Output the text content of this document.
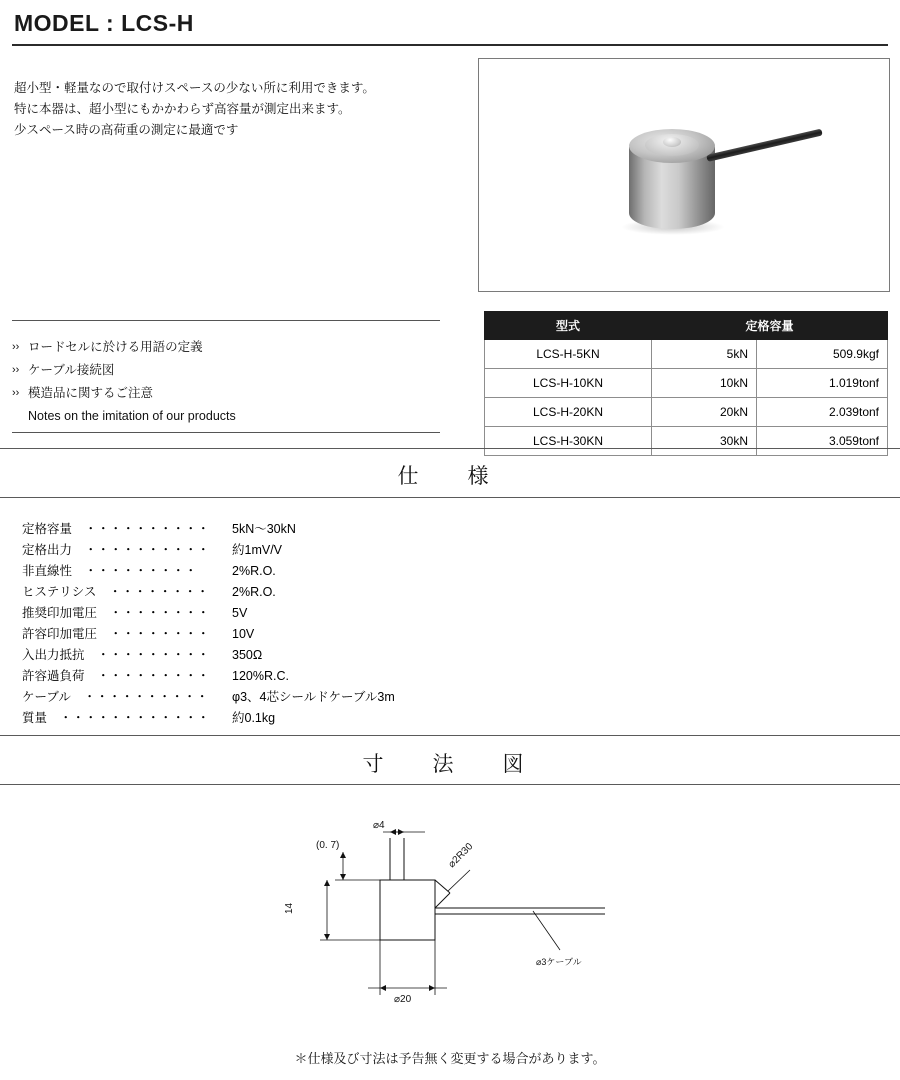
MODEL : LCS-H
超小型・軽量なので取付けスペースの少ない所に利用できます。
特に本器は、超小型にもかかわらず高容量が測定出来ます。
少スペース時の高荷重の測定に最適です
›› ロードセルに於ける用語の定義
›› ケーブル接続図
›› 模造品に関するご注意
Notes on the imitation of our products
型式	定格容量	
LCS-H-5KN	5kN	509.9kgf
LCS-H-10KN	10kN	1.019tonf
LCS-H-20KN	20kN	2.039tonf
LCS-H-30KN	30kN	3.059tonf
仕　様
定格容量　・・・・・・・・・・	5kN〜30kN
定格出力　・・・・・・・・・・	約1mV/V
非直線性　・・・・・・・・・	2%R.O.
ヒステリシス　・・・・・・・・	2%R.O.
推奨印加電圧　・・・・・・・・	5V
許容印加電圧　・・・・・・・・	10V
入出力抵抗　・・・・・・・・・	350Ω
許容過負荷　・・・・・・・・・	120%R.C.
ケーブル　・・・・・・・・・・	φ3、4芯シールドケーブル3m
質量　・・・・・・・・・・・・	約0.1kg
寸　法　図
⌀4
(0. 7)
14
⌀2R30
⌀20
⌀3ケーブル
＊仕様及び寸法は予告無く変更する場合があります。
